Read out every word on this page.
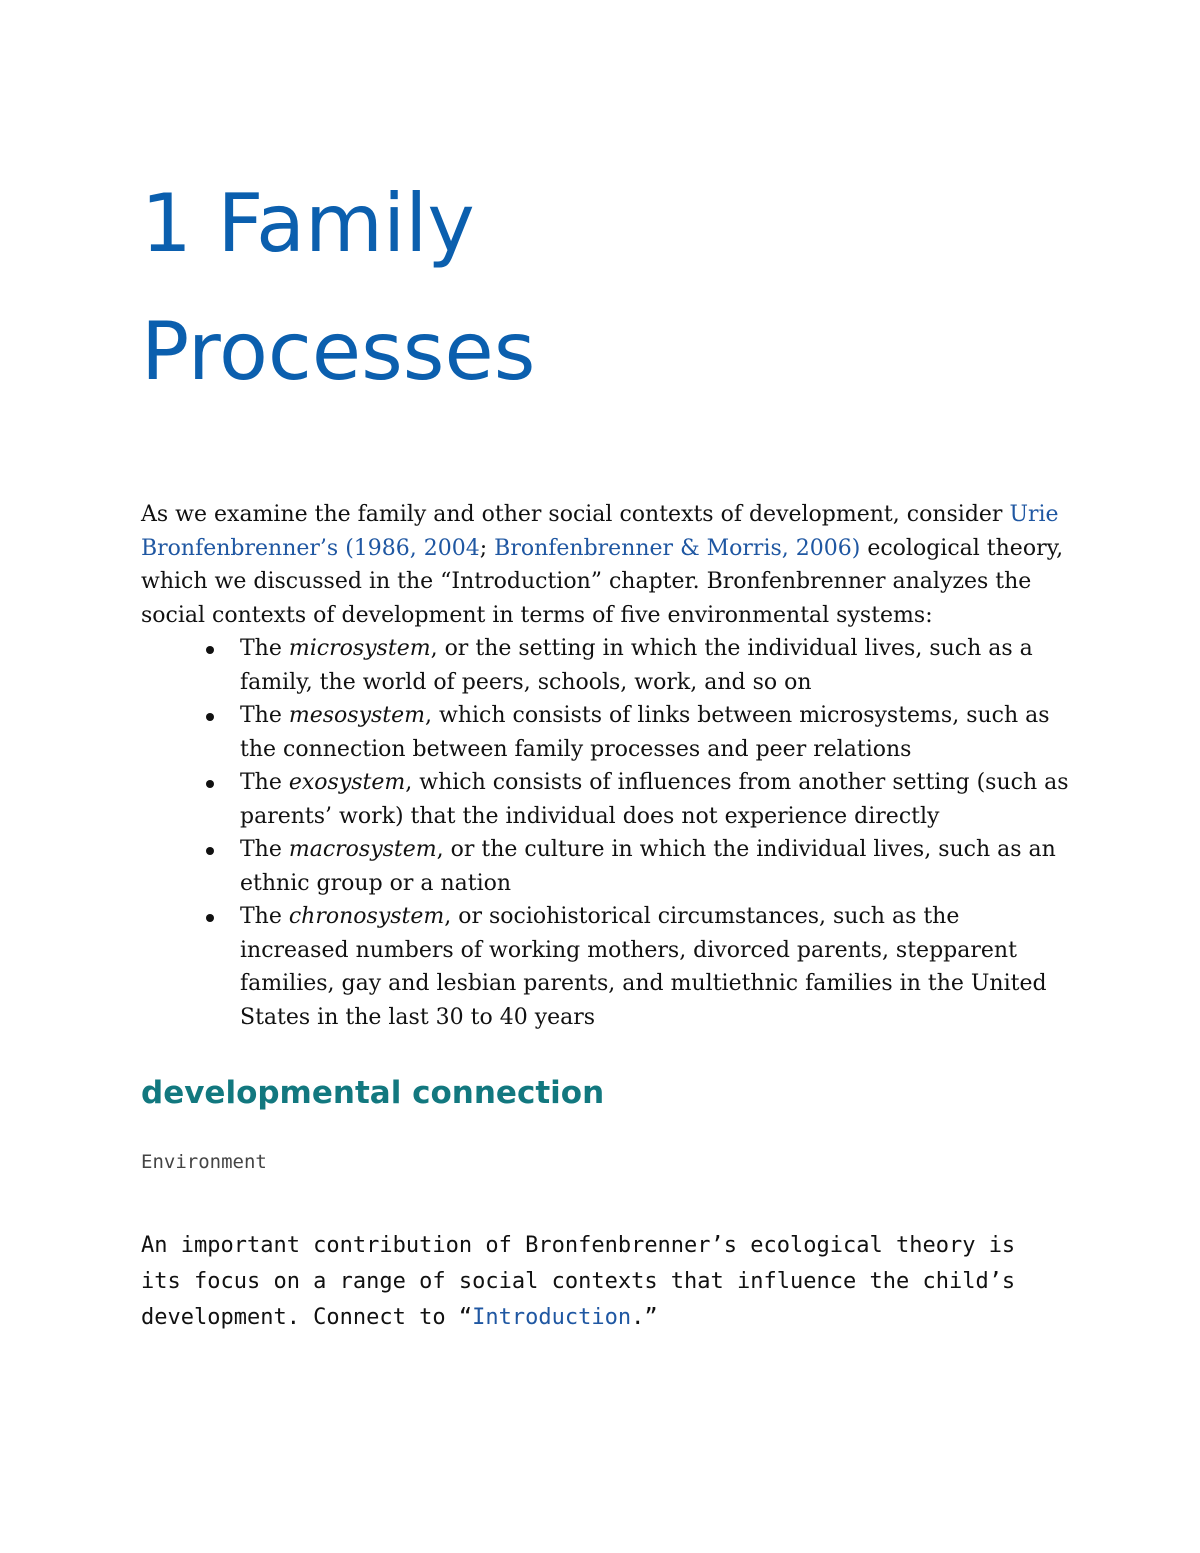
1 Family Processes

As we examine the family and other social contexts of development, consider Urie Bronfenbrenner’s (1986, 2004; Bronfenbrenner & Morris, 2006) ecological theory, which we discussed in the “Introduction” chapter. Bronfenbrenner analyzes the social contexts of development in terms of five environmental systems:

The microsystem, or the setting in which the individual lives, such as a family, the world of peers, schools, work, and so on
The mesosystem, which consists of links between microsystems, such as the connection between family processes and peer relations
The exosystem, which consists of influences from another setting (such as parents’ work) that the individual does not experience directly
The macrosystem, or the culture in which the individual lives, such as an ethnic group or a nation
The chronosystem, or sociohistorical circumstances, such as the increased numbers of working mothers, divorced parents, stepparent families, gay and lesbian parents, and multiethnic families in the United States in the last 30 to 40 years
developmental connection

Environment

An important contribution of Bronfenbrenner’s ecological theory is its focus on a range of social contexts that influence the child’s development. Connect to “Introduction.”
